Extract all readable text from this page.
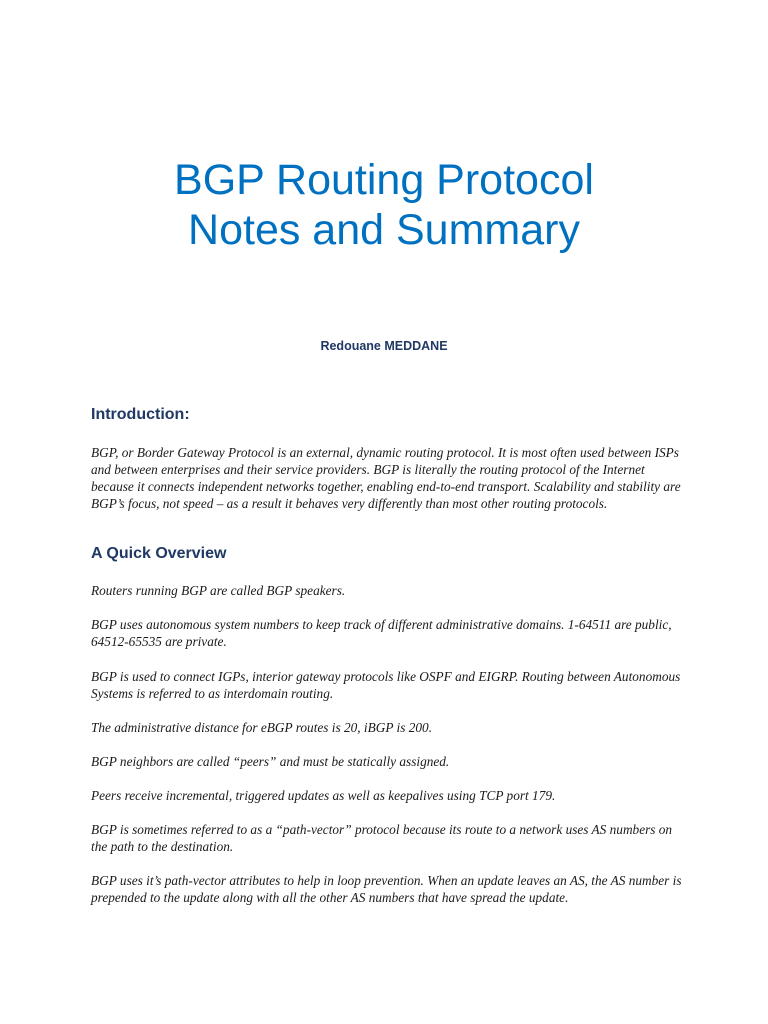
BGP Routing Protocol
Notes and Summary

Redouane MEDDANE

Introduction:

BGP, or Border Gateway Protocol is an external, dynamic routing protocol. It is most often used between ISPs and between enterprises and their service providers. BGP is literally the routing protocol of the Internet because it connects independent networks together, enabling end-to-end transport. Scalability and stability are BGP’s focus, not speed – as a result it behaves very differently than most other routing protocols.

A Quick Overview

Routers running BGP are called BGP speakers.

BGP uses autonomous system numbers to keep track of different administrative domains. 1-64511 are public, 64512-65535 are private.

BGP is used to connect IGPs, interior gateway protocols like OSPF and EIGRP. Routing between Autonomous Systems is referred to as interdomain routing.

The administrative distance for eBGP routes is 20, iBGP is 200.

BGP neighbors are called “peers” and must be statically assigned.

Peers receive incremental, triggered updates as well as keepalives using TCP port 179.

BGP is sometimes referred to as a “path-vector” protocol because its route to a network uses AS numbers on the path to the destination.

BGP uses it’s path-vector attributes to help in loop prevention. When an update leaves an AS, the AS number is prepended to the update along with all the other AS numbers that have spread the update.
